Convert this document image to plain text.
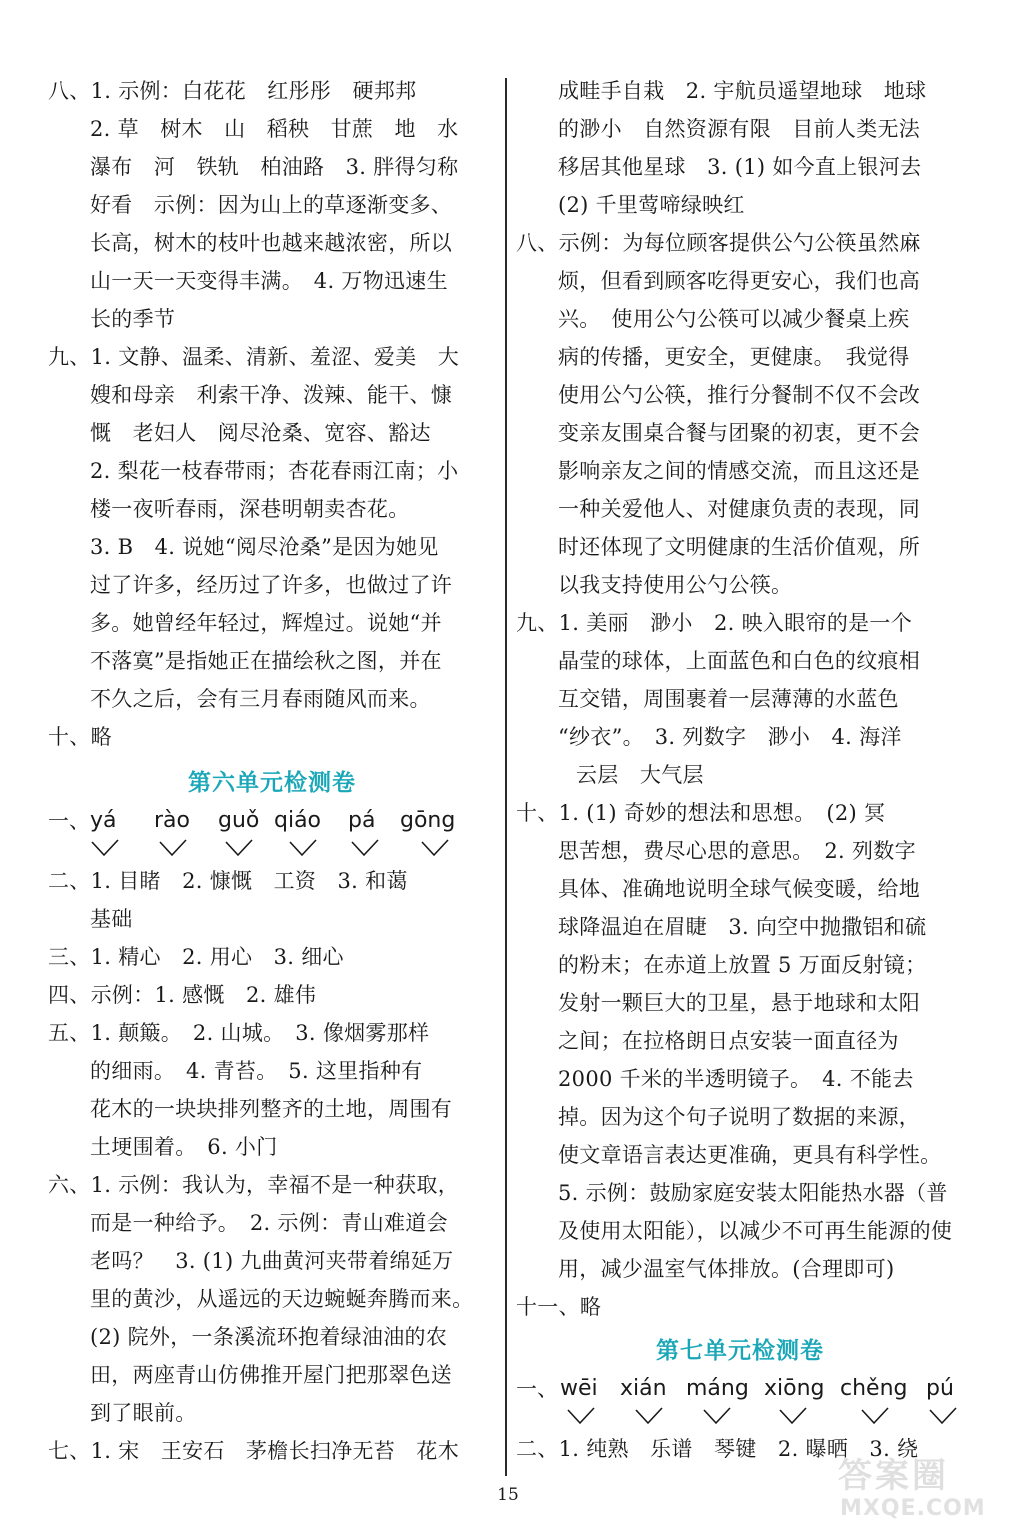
八、1. 示例：白花花　红彤彤　硬邦邦
2. 草　树木　山　稻秧　甘蔗　地　水
瀑布　河　铁轨　柏油路　3. 胖得匀称
好看　示例：因为山上的草逐渐变多、
长高，树木的枝叶也越来越浓密，所以
山一天一天变得丰满。　4. 万物迅速生
长的季节
九、1. 文静、温柔、清新、羞涩、爱美　大
嫂和母亲　利索干净、泼辣、能干、慷
慨　老妇人　阅尽沧桑、宽容、豁达
2. 梨花一枝春带雨；杏花春雨江南；小
楼一夜听春雨，深巷明朝卖杏花。
3. B　4. 说她“阅尽沧桑”是因为她见
过了许多，经历过了许多，也做过了许
多。她曾经年轻过，辉煌过。说她“并
不落寞”是指她正在描绘秋之图，并在
不久之后，会有三月春雨随风而来。
十、略
第六单元检测卷
一、 yá rào guǒ qiáo pá gōng
二、1. 目睹　2. 慷慨　工资　3. 和蔼
基础
三、1. 精心　2. 用心　3. 细心
四、示例：1. 感慨　2. 雄伟
五、1. 颠簸。　2. 山城。　3. 像烟雾那样
的细雨。　4. 青苔。　5. 这里指种有
花木的一块块排列整齐的土地，周围有
土埂围着。　6. 小门
六、1. 示例：我认为，幸福不是一种获取，
而是一种给予。　2. 示例：青山难道会
老吗？　3. (1) 九曲黄河夹带着绵延万
里的黄沙，从遥远的天边蜿蜒奔腾而来。
(2) 院外，一条溪流环抱着绿油油的农
田，两座青山仿佛推开屋门把那翠色送
到了眼前。
七、1. 宋　王安石　茅檐长扫净无苔　花木
成畦手自栽　2. 宇航员遥望地球　地球
的渺小　自然资源有限　目前人类无法
移居其他星球　3. (1) 如今直上银河去
(2) 千里莺啼绿映红
八、示例：为每位顾客提供公勺公筷虽然麻
烦，但看到顾客吃得更安心，我们也高
兴。　使用公勺公筷可以减少餐桌上疾
病的传播，更安全，更健康。　我觉得
使用公勺公筷，推行分餐制不仅不会改
变亲友围桌合餐与团聚的初衷，更不会
影响亲友之间的情感交流，而且这还是
一种关爱他人、对健康负责的表现，同
时还体现了文明健康的生活价值观，所
以我支持使用公勺公筷。
九、1. 美丽　渺小　2. 映入眼帘的是一个
晶莹的球体，上面蓝色和白色的纹痕相
互交错，周围裹着一层薄薄的水蓝色
“纱衣”。　3. 列数字　渺小　4. 海洋
云层　大气层
十、1. (1) 奇妙的想法和思想。　(2) 冥
思苦想，费尽心思的意思。　2. 列数字
具体、准确地说明全球气候变暖，给地
球降温迫在眉睫　3. 向空中抛撒铝和硫
的粉末；在赤道上放置 5 万面反射镜；
发射一颗巨大的卫星，悬于地球和太阳
之间；在拉格朗日点安装一面直径为
2000 千米的半透明镜子。　4. 不能去
掉。因为这个句子说明了数据的来源，
使文章语言表达更准确，更具有科学性。
5. 示例：鼓励家庭安装太阳能热水器（普
及使用太阳能），以减少不可再生能源的使
用，减少温室气体排放。(合理即可)
十一、略
第七单元检测卷
一、 wēi xián máng xiōng chěng pú
二、1. 纯熟　乐谱　琴键　2. 曝晒　3. 绕
15	答案圈
MXQE.COM
